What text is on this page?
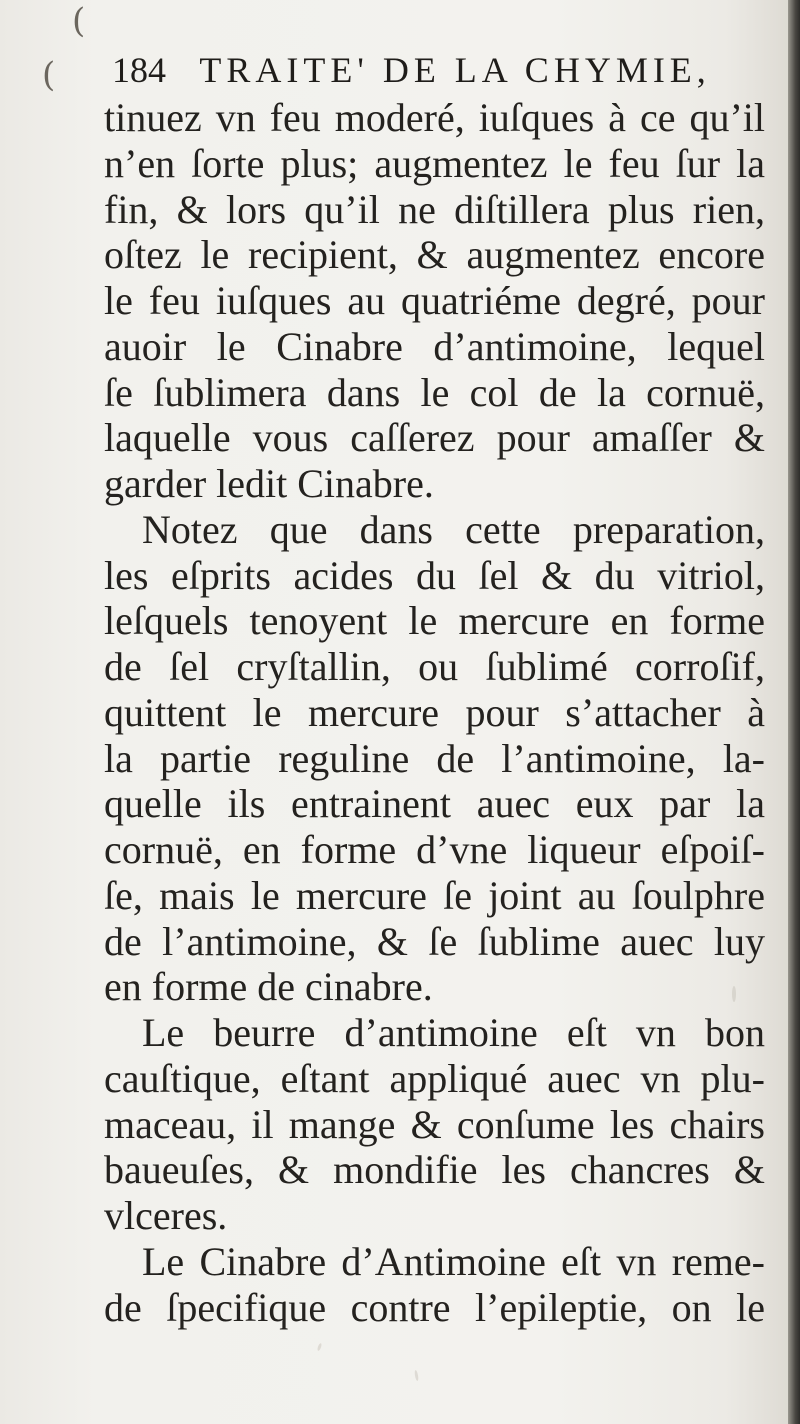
(
( 184 TRAITE' DE LA CHYMIE,
tinuez vn feu moderé, iuſques à ce qu’il
n’en ſorte plus; augmentez le feu ſur la
fin, & lors qu’il ne diſtillera plus rien,
oſtez le recipient, & augmentez encore
le feu iuſques au quatriéme degré, pour
auoir le Cinabre d’antimoine, lequel
ſe ſublimera dans le col de la cornuë,
laquelle vous caſſerez pour amaſſer &
garder ledit Cinabre.
Notez que dans cette preparation,
les eſprits acides du ſel & du vitriol,
leſquels tenoyent le mercure en forme
de ſel cryſtallin, ou ſublimé corroſif,
quittent le mercure pour s’attacher à
la partie reguline de l’antimoine, la-
quelle ils entrainent auec eux par la
cornuë, en forme d’vne liqueur eſpoiſ-
ſe, mais le mercure ſe joint au ſoulphre
de l’antimoine, & ſe ſublime auec luy
en forme de cinabre.
Le beurre d’antimoine eſt vn bon
cauſtique, eſtant appliqué auec vn plu-
maceau, il mange & conſume les chairs
baueuſes, & mondifie les chancres &
vlceres.
Le Cinabre d’Antimoine eſt vn reme-
de ſpecifique contre l’epileptie, on le
